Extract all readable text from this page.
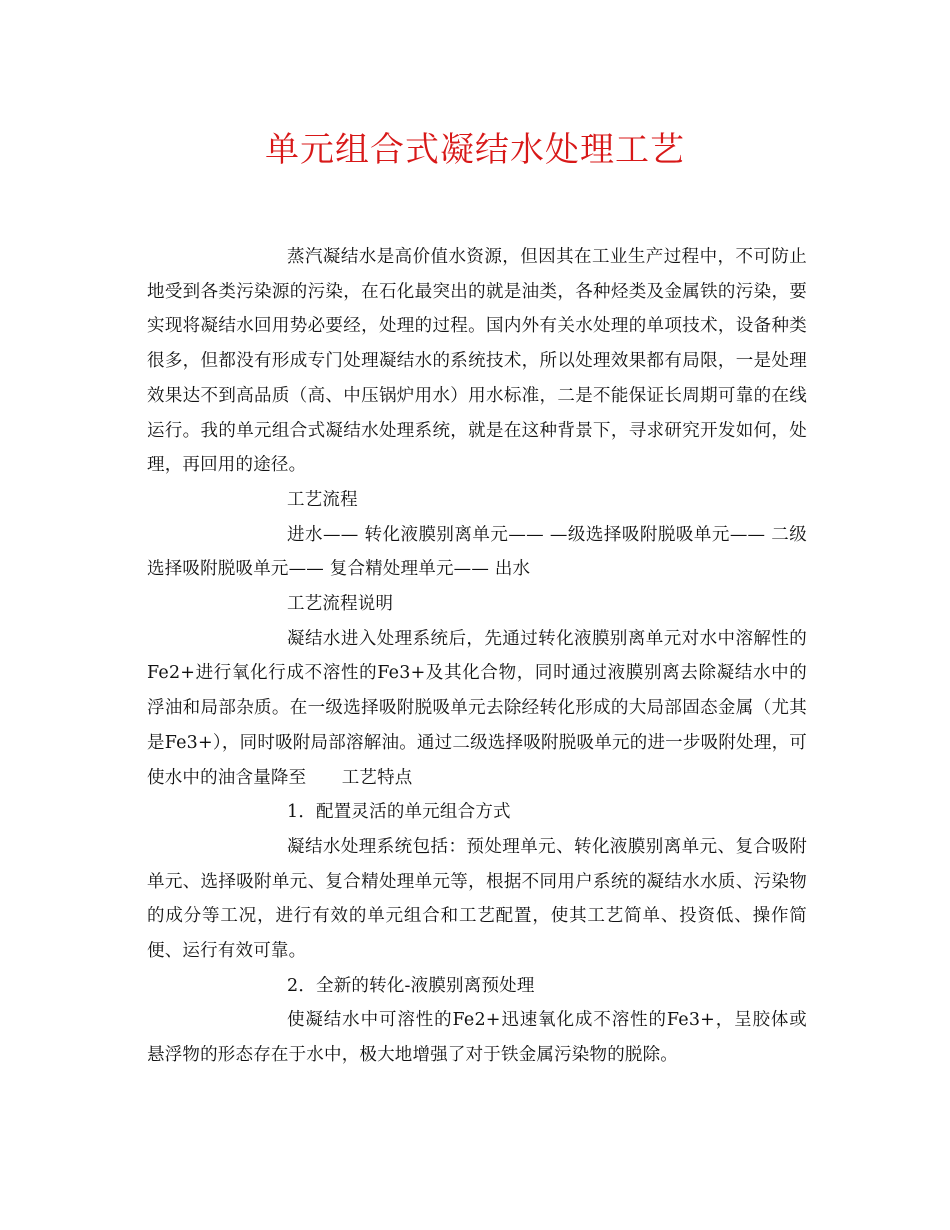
单元组合式凝结水处理工艺

蒸汽凝结水是高价值水资源，但因其在工业生产过程中，不可防止地受到各类污染源的污染，在石化最突出的就是油类，各种烃类及金属铁的污染，要实现将凝结水回用势必要经，处理的过程。国内外有关水处理的单项技术，设备种类很多，但都没有形成专门处理凝结水的系统技术，所以处理效果都有局限，一是处理效果达不到高品质（高、中压锅炉用水）用水标准，二是不能保证长周期可靠的在线运行。我的单元组合式凝结水处理系统，就是在这种背景下，寻求研究开发如何，处理，再回用的途径。

工艺流程

进水—— 转化液膜别离单元—— —级选择吸附脱吸单元—— 二级选择吸附脱吸单元—— 复合精处理单元—— 出水

工艺流程说明

凝结水进入处理系统后，先通过转化液膜别离单元对水中溶解性的Fe2+进行氧化行成不溶性的Fe3+及其化合物，同时通过液膜别离去除凝结水中的浮油和局部杂质。在一级选择吸附脱吸单元去除经转化形成的大局部固态金属（尤其是Fe3+），同时吸附局部溶解油。通过二级选择吸附脱吸单元的进一步吸附处理，可使水中的油含量降至　　工艺特点

1．配置灵活的单元组合方式

凝结水处理系统包括：预处理单元、转化液膜别离单元、复合吸附单元、选择吸附单元、复合精处理单元等，根据不同用户系统的凝结水水质、污染物的成分等工况，进行有效的单元组合和工艺配置，使其工艺简单、投资低、操作简便、运行有效可靠。

2．全新的转化-液膜别离预处理

使凝结水中可溶性的Fe2+迅速氧化成不溶性的Fe3+，呈胶体或悬浮物的形态存在于水中，极大地增强了对于铁金属污染物的脱除。
